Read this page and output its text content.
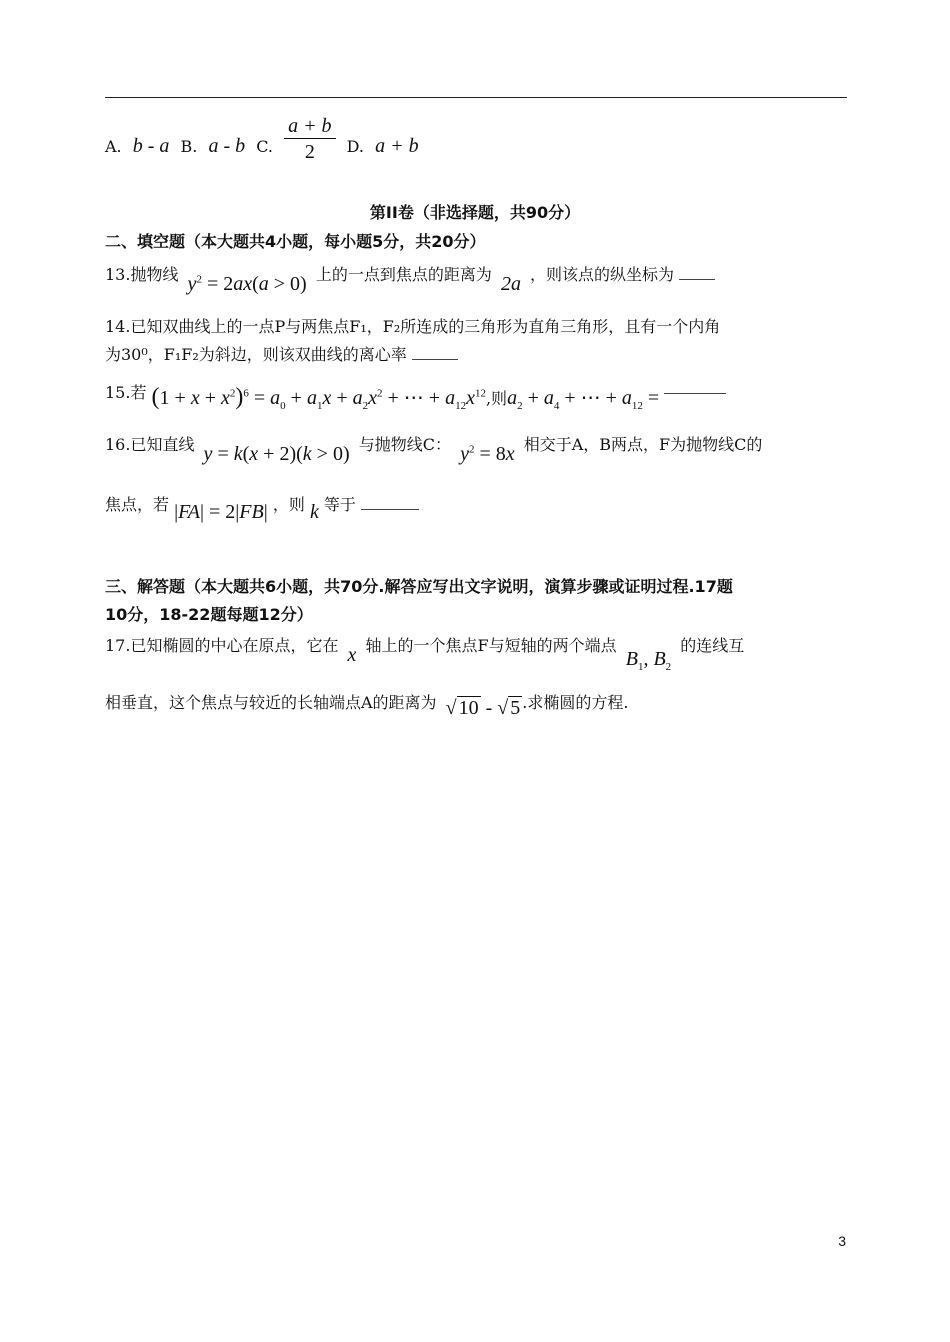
A. b - a B. a - b C. $\frac{a + b}{2} D$. a + b
第II卷（非选择题，共90分）
二、填空题（本大题共4小题，每小题5分，共20分）
13.抛物线 $y^2 = 2ax(a > 0)$ 上的一点到焦点的距离为 2a ，则该点的纵坐标为
14.已知双曲线上的一点P与两焦点F₁，F₂所连成的三角形为直角三角形，且有一个内角
为30⁰，F₁F₂为斜边，则该双曲线的离心率
15.若 $(1 + x + x^2)^6 = a_0 + a_1x + a_2x^2$ + ⋯ + $a_{12}x^{12}$,则$a_2 + a_4$ + ⋯ + $a_{12}$ =
16.已知直线 y = k(x + 2)(k > 0) 与抛物线C： $y^2 = 8x$ 相交于A，B两点，F为抛物线C的
焦点，若 |FA| = 2|FB| ，则 k 等于
三、解答题（本大题共6小题，共70分.解答应写出文字说明，演算步骤或证明过程.17题
10分，18-22题每题12分）
17.已知椭圆的中心在原点，它在 x 轴上的一个焦点F与短轴的两个端点 $B_1$, $B_2$ 的连线互
相垂直，这个焦点与较近的长轴端点A的距离为 √ 10 - √ 5 .求椭圆的方程.
3
